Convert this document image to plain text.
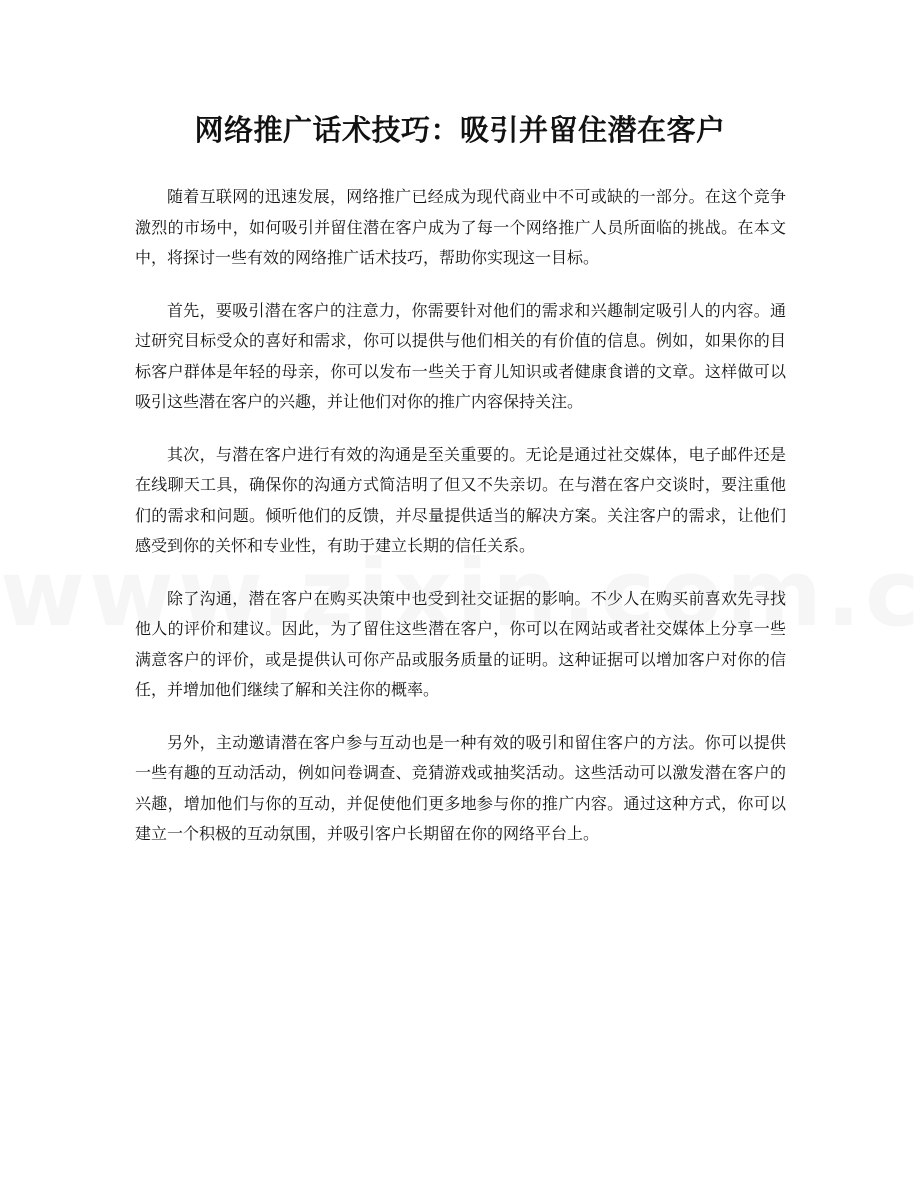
网络推广话术技巧：吸引并留住潜在客户

随着互联网的迅速发展，网络推广已经成为现代商业中不可或缺的一部分。在这个竞争激烈的市场中，如何吸引并留住潜在客户成为了每一个网络推广人员所面临的挑战。在本文中，将探讨一些有效的网络推广话术技巧，帮助你实现这一目标。

首先，要吸引潜在客户的注意力，你需要针对他们的需求和兴趣制定吸引人的内容。通过研究目标受众的喜好和需求，你可以提供与他们相关的有价值的信息。例如，如果你的目标客户群体是年轻的母亲，你可以发布一些关于育儿知识或者健康食谱的文章。这样做可以吸引这些潜在客户的兴趣，并让他们对你的推广内容保持关注。

其次，与潜在客户进行有效的沟通是至关重要的。无论是通过社交媒体，电子邮件还是在线聊天工具，确保你的沟通方式简洁明了但又不失亲切。在与潜在客户交谈时，要注重他们的需求和问题。倾听他们的反馈，并尽量提供适当的解决方案。关注客户的需求，让他们感受到你的关怀和专业性，有助于建立长期的信任关系。

除了沟通，潜在客户在购买决策中也受到社交证据的影响。不少人在购买前喜欢先寻找他人的评价和建议。因此，为了留住这些潜在客户，你可以在网站或者社交媒体上分享一些满意客户的评价，或是提供认可你产品或服务质量的证明。这种证据可以增加客户对你的信任，并增加他们继续了解和关注你的概率。

另外，主动邀请潜在客户参与互动也是一种有效的吸引和留住客户的方法。你可以提供一些有趣的互动活动，例如问卷调查、竞猜游戏或抽奖活动。这些活动可以激发潜在客户的兴趣，增加他们与你的互动，并促使他们更多地参与你的推广内容。通过这种方式，你可以建立一个积极的互动氛围，并吸引客户长期留在你的网络平台上。
